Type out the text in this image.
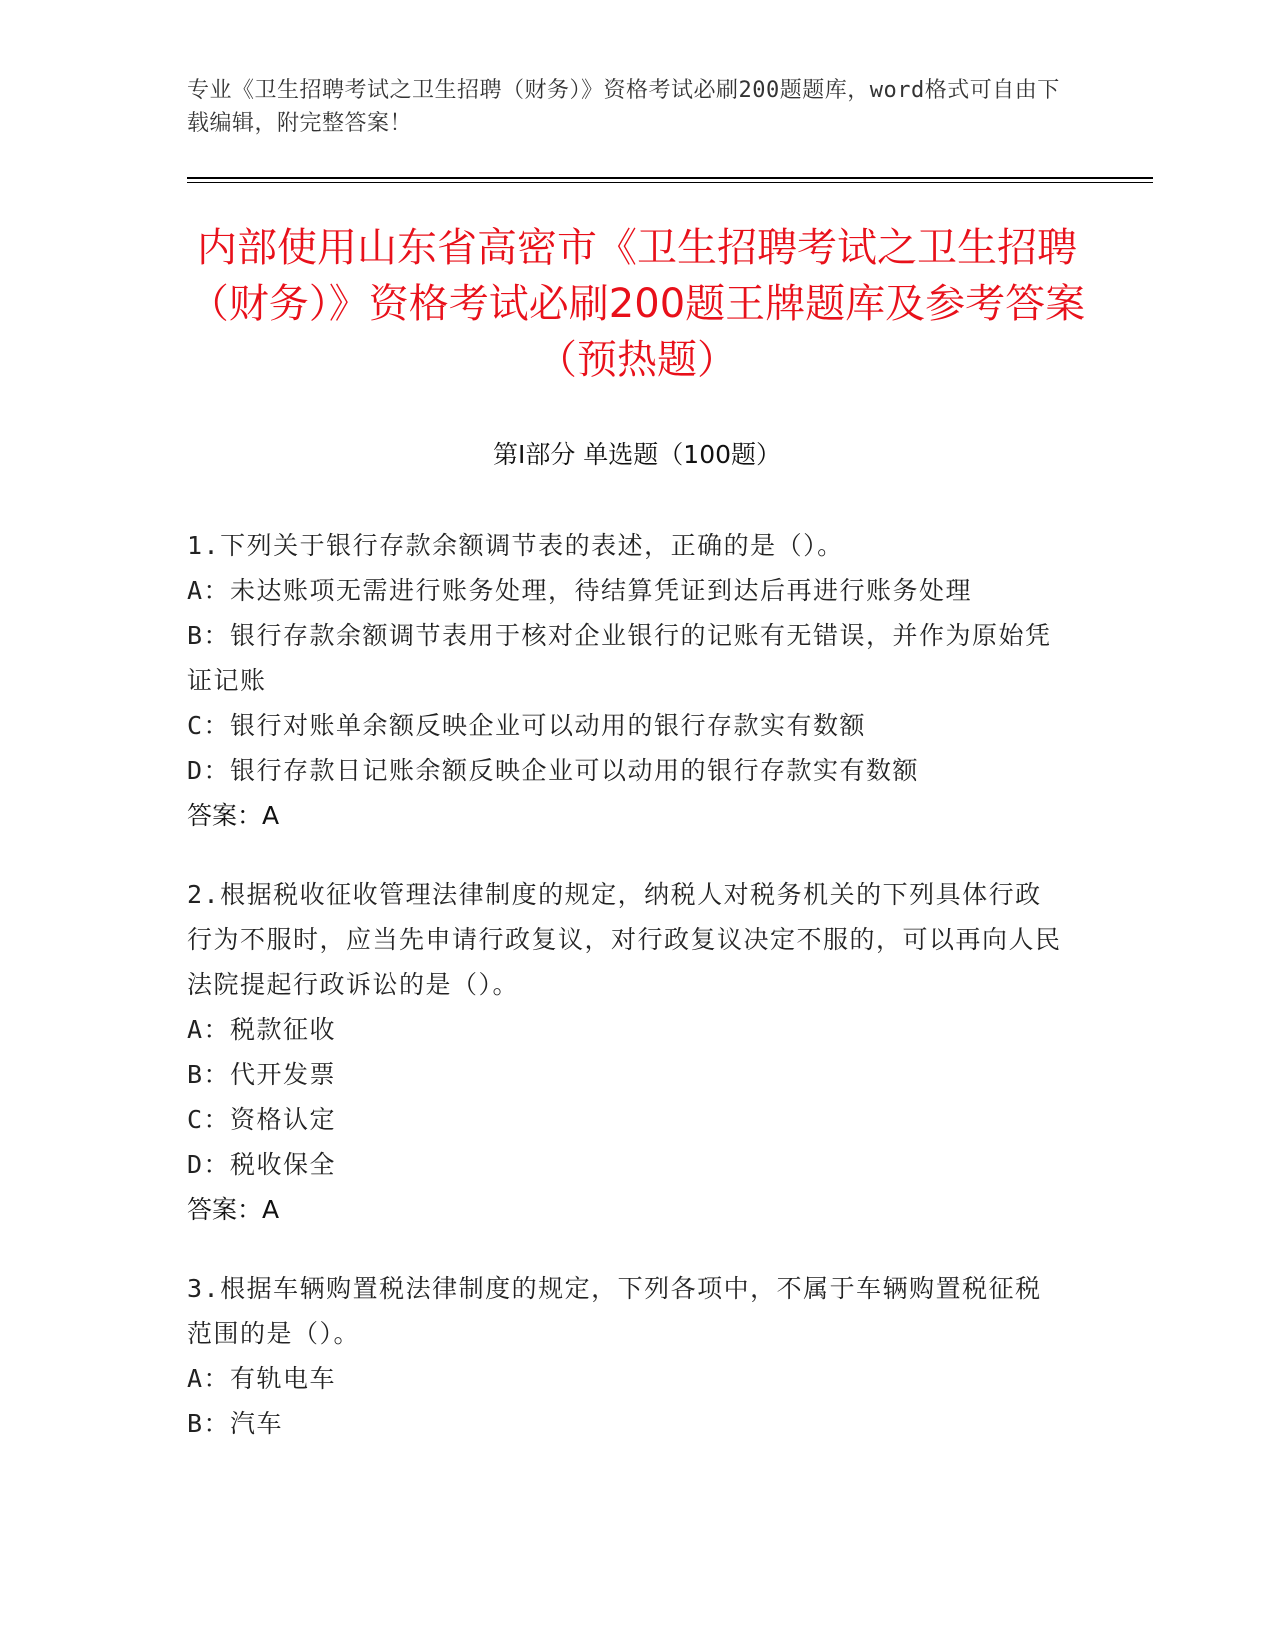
专业《卫生招聘考试之卫生招聘（财务）》资格考试必刷200题题库，word格式可自由下载编辑，附完整答案！
内部使用山东省高密市《卫生招聘考试之卫生招聘（财务）》资格考试必刷200题王牌题库及参考答案（预热题）
第Ⅰ部分 单选题（100题）
1.下列关于银行存款余额调节表的表述，正确的是（）。
A：未达账项无需进行账务处理，待结算凭证到达后再进行账务处理
B：银行存款余额调节表用于核对企业银行的记账有无错误，并作为原始凭证记账
C：银行对账单余额反映企业可以动用的银行存款实有数额
D：银行存款日记账余额反映企业可以动用的银行存款实有数额
答案：A
2.根据税收征收管理法律制度的规定，纳税人对税务机关的下列具体行政行为不服时，应当先申请行政复议，对行政复议决定不服的，可以再向人民法院提起行政诉讼的是（）。
A：税款征收
B：代开发票
C：资格认定
D：税收保全
答案：A
3.根据车辆购置税法律制度的规定，下列各项中，不属于车辆购置税征税范围的是（）。
A：有轨电车
B：汽车
